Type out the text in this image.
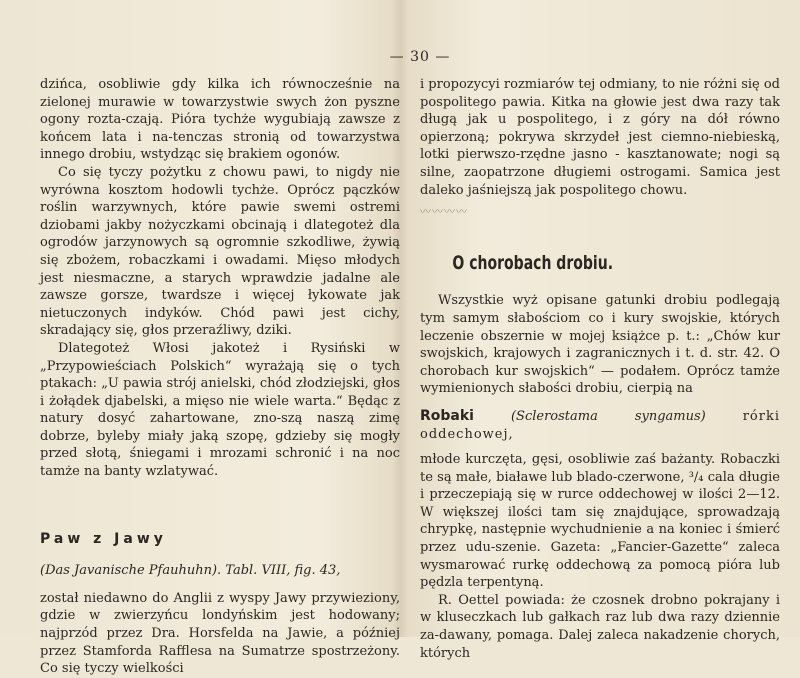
— 30 —

dzińca, osobliwie gdy kilka ich równocześnie na zielonej murawie w towarzystwie swych żon pyszne ogony rozta-czają. Pióra tychże wygubiają zawsze z końcem lata i na-tenczas stronią od towarzystwa innego drobiu, wstydząc się brakiem ogonów.

Co się tyczy pożytku z chowu pawi, to nigdy nie wyrówna kosztom hodowli tychże. Oprócz pączków roślin warzywnych, które pawie swemi ostremi dziobami jakby nożyczkami obcinają i dlategoteż dla ogrodów jarzynowych są ogromnie szkodliwe, żywią się zbożem, robaczkami i owadami. Mięso młodych jest niesmaczne, a starych wprawdzie jadalne ale zawsze gorsze, twardsze i więcej łykowate jak nietuczonych indyków. Chód pawi jest cichy, skradający się, głos przeraźliwy, dziki.

Dlategoteż Włosi jakoteż i Rysiński w „Przypowieściach Polskich“ wyrażają się o tych ptakach: „U pawia strój anielski, chód złodziejski, głos i żołądek djabelski, a mięso nie wiele warta.“ Będąc z natury dosyć zahartowane, zno-szą naszą zimę dobrze, byleby miały jaką szopę, gdzieby się mogły przed słotą, śniegami i mrozami schronić i na noc tamże na banty wzlatywać.

Paw z Jawy

(Das Javanische Pfauhuhn). Tabl. VIII, fig. 43,

został niedawno do Anglii z wyspy Jawy przywieziony, gdzie w zwierzyńcu londyńskim jest hodowany; najprzód przez Dra. Horsfelda na Jawie, a później przez Stamforda Rafflesa na Sumatrze spostrzeżony. Co się tyczy wielkości

i propozycyi rozmiarów tej odmiany, to nie różni się od pospolitego pawia. Kitka na głowie jest dwa razy tak długą jak u pospolitego, i z góry na dół równo opierzoną; pokrywa skrzydeł jest ciemno-niebieską, lotki pierwszo-rzędne jasno - kasztanowate; nogi są silne, zaopatrzone długiemi ostrogami. Samica jest daleko jaśniejszą jak pospolitego chowu.

〰〰〰〰

O chorobach drobiu.

Wszystkie wyż opisane gatunki drobiu podlegają tym samym słabościom co i kury swojskie, których leczenie obszernie w mojej książce p. t.: „Chów kur swojskich, krajowych i zagranicznych i t. d. str. 42. O chorobach kur swojskich“ — podałem. Oprócz tamże wymienionych słabości drobiu, cierpią na

Robaki	(Sclerostama syngamus)	rórki oddechowej,

młode kurczęta, gęsi, osobliwie zaś bażanty. Robaczki te są małe, białawe lub blado-czerwone, ³/₄ cala długie i przeczepiają się w rurce oddechowej w ilości 2—12. W większej ilości tam się znajdujące, sprowadzają chrypkę, następnie wychudnienie a na koniec i śmierć przez udu-szenie. Gazeta: „Fancier-Gazette“ zaleca wysmarować rurkę oddechową za pomocą pióra lub pędzla terpentyną.

R. Oettel powiada: że czosnek drobno pokrajany i w kluseczkach lub gałkach raz lub dwa razy dziennie za-dawany, pomaga. Dalej zaleca nakadzenie chorych, których
